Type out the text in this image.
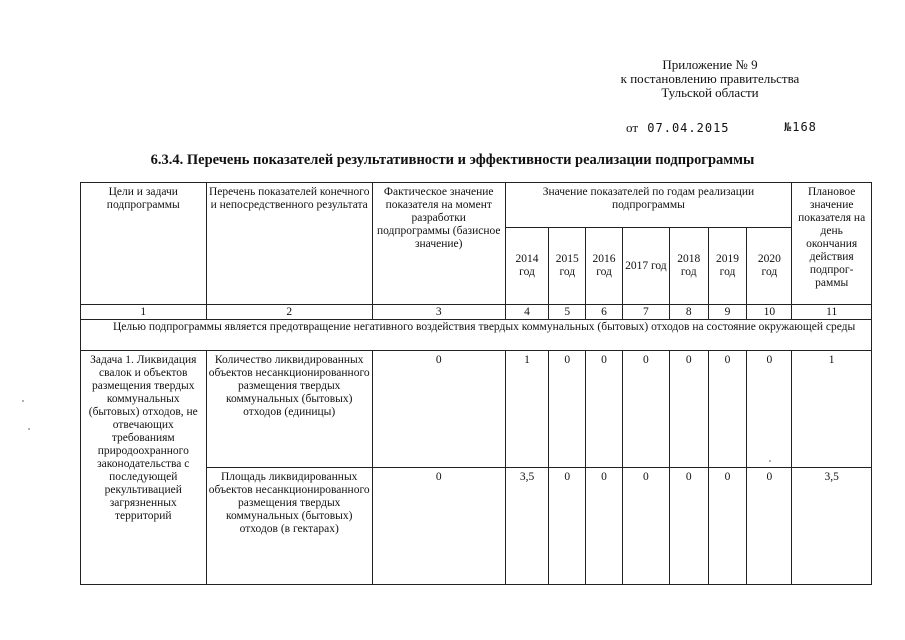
Приложение № 9
к постановлению правительства
Тульской области
от 07.04.2015	№168
6.3.4. Перечень показателей результативности и эффективности реализации подпрограммы
Цели и задачи подпрограммы	Перечень показателей конечного и непосредственного результата	Фактическое значение показателя на момент разработки подпрограммы (базисное значение)	Значение показателей по годам реализации подпрограммы							Плановое значение показателя на день окончания действия подпрог-раммы
			2014 год	2015 год	2016 год	2017 год	2018 год	2019 год	2020 год	
1	2	3	4	5	6	7	8	9	10	11
Целью подпрограммы является предотвращение негативного воздействия твердых коммунальных (бытовых) отходов на состояние окружающей среды										
Задача 1. Ликвидация свалок и объектов размещения твердых коммунальных (бытовых) отходов, не отвечающих требованиям природоохранного законодательства с последующей рекультивацией загрязненных территорий	Количество ликвидированных объектов несанкционированного размещения твердых коммунальных (бытовых) отходов (единицы)	0	1	0	0	0	0	0	0	1
	Площадь ликвидированных объектов несанкционированного размещения твердых коммунальных (бытовых) отходов (в гектарах)	0	3,5	0	0	0	0	0	0	3,5
